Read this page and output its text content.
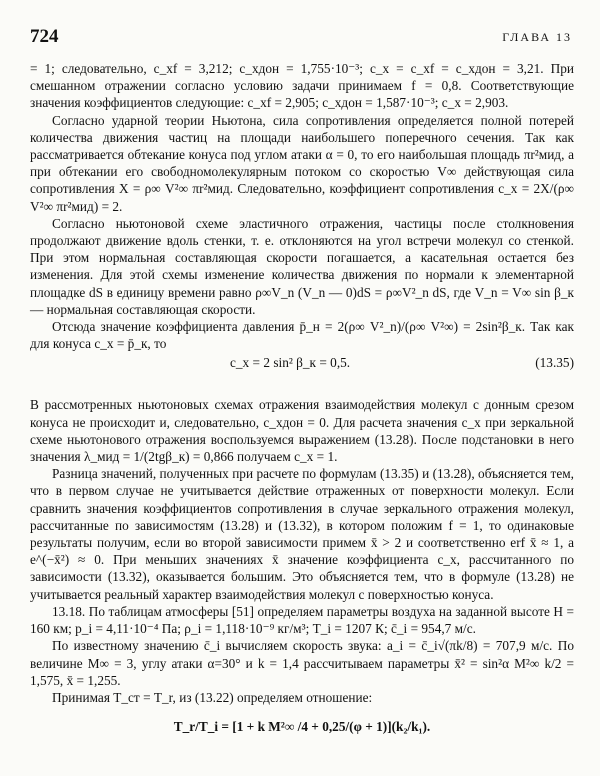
724	ГЛАВА 13

= 1; следовательно, c_xf = 3,212; c_xдон = 1,755·10⁻³; c_x = c_xf = c_xдон = 3,21. При смешанном отражении согласно условию задачи принимаем f = 0,8. Соответствующие значения коэффициентов следующие: c_xf = 2,905; c_xдон = 1,587·10⁻³; c_x = 2,903.

Согласно ударной теории Ньютона, сила сопротивления определяется полной потерей количества движения частиц на площади наибольшего поперечного сечения. Так как рассматривается обтекание конуса под углом атаки α = 0, то его наибольшая площадь πr²мид, а при обтекании его свободномолекулярным потоком со скоростью V∞ действующая сила сопротивления X = ρ∞ V²∞ πr²мид. Следовательно, коэффициент сопротивления c_x = 2X/(ρ∞ V²∞ πr²мид) = 2.

Согласно ньютоновой схеме эластичного отражения, частицы после столкновения продолжают движение вдоль стенки, т. е. отклоняются на угол встречи молекул со стенкой. При этом нормальная составляющая скорости погашается, а касательная остается без изменения. Для этой схемы изменение количества движения по нормали к элементарной площадке dS в единицу времени равно ρ∞V_n (V_n — 0)dS = ρ∞V²_n dS, где V_n = V∞ sin β_к — нормальная составляющая скорости.

Отсюда значение коэффициента давления p̄_н = 2(ρ∞ V²_n)/(ρ∞ V²∞) = 2sin²β_к. Так как для конуса c_x = p̄_к, то

c_x = 2 sin² β_к = 0,5.	(13.35)

В рассмотренных ньютоновых схемах отражения взаимодействия молекул с донным срезом конуса не происходит и, следовательно, c_xдон = 0. Для расчета значения c_x при зеркальной схеме ньютонового отражения воспользуемся выражением (13.28). После подстановки в него значения λ_мид = 1/(2tgβ_к) = 0,866 получаем c_x = 1.

Разница значений, полученных при расчете по формулам (13.35) и (13.28), объясняется тем, что в первом случае не учитывается действие отраженных от поверхности молекул. Если сравнить значения коэффициентов сопротивления в случае зеркального отражения молекул, рассчитанные по зависимостям (13.28) и (13.32), в котором положим f = 1, то одинаковые результаты получим, если во второй зависимости примем x̄ > 2 и соответственно erf x̄ ≈ 1, а e^(−x̄²) ≈ 0. При меньших значениях x̄ значение коэффициента c_x, рассчитанного по зависимости (13.32), оказывается большим. Это объясняется тем, что в формуле (13.28) не учитывается реальный характер взаимодействия молекул с поверхностью конуса.

13.18. По таблицам атмосферы [51] определяем параметры воздуха на заданной высоте H = 160 км; p_i = 4,11·10⁻⁴ Па; ρ_i = 1,118·10⁻⁹ кг/м³; T_i = 1207 К; c̄_i = 954,7 м/с.

По известному значению c̄_i вычисляем скорость звука: a_i = c̄_i√(πk/8) = 707,9 м/с. По величине M∞ = 3, углу атаки α=30° и k = 1,4 рассчитываем параметры x̄² = sin²α M²∞ k/2 = 1,575, x̄ = 1,255.

Принимая T_ст = T_r, из (13.22) определяем отношение:

T_r/T_i = [1 + k M²∞ /4 + 0,25/(φ + 1)](k₂/k₁).
